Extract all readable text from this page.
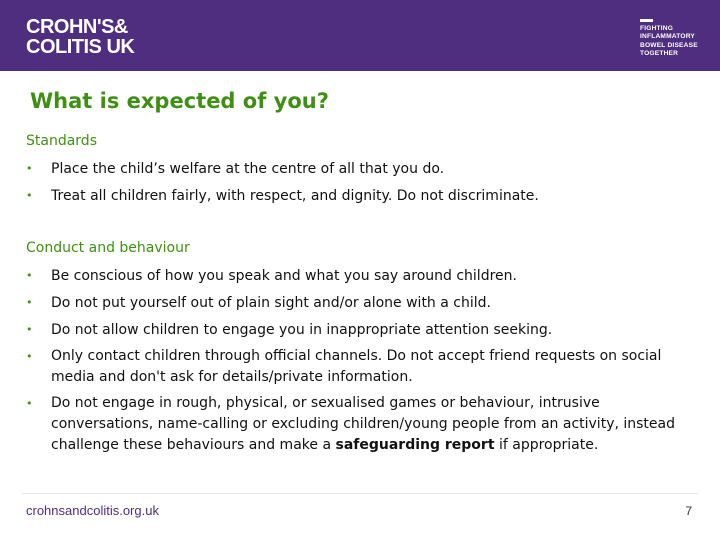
CROHN'S&
COLITIS UK
FIGHTING
INFLAMMATORY
BOWEL DISEASE
TOGETHER
What is expected of you?
Standards
• Place the child’s welfare at the centre of all that you do.
• Treat all children fairly, with respect, and dignity. Do not discriminate.
Conduct and behaviour
• Be conscious of how you speak and what you say around children.
• Do not put yourself out of plain sight and/or alone with a child.
• Do not allow children to engage you in inappropriate attention seeking.
• Only contact children through official channels. Do not accept friend requests on social media and don't ask for details/private information.
• Do not engage in rough, physical, or sexualised games or behaviour, intrusive conversations, name-calling or excluding children/young people from an activity, instead challenge these behaviours and make a safeguarding report if appropriate.
crohnsandcolitis.org.uk	7
